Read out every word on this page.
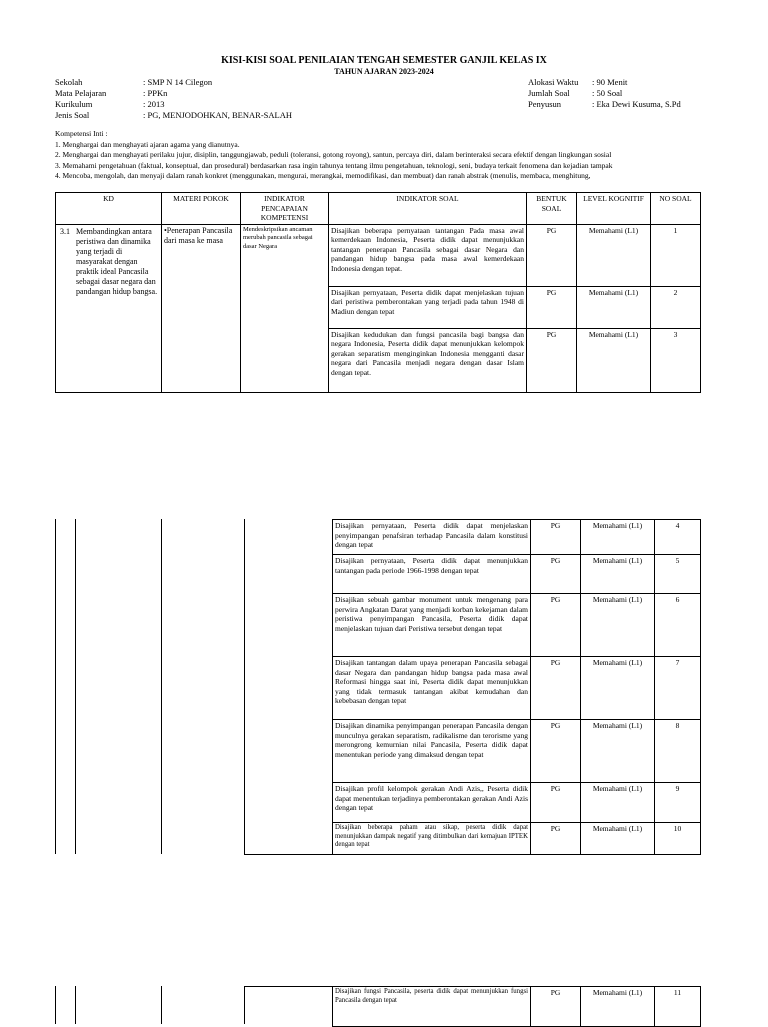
KISI-KISI SOAL PENILAIAN TENGAH SEMESTER GANJIL KELAS IX
TAHUN AJARAN 2023-2024
Sekolah	: SMP N 14 Cilegon
Mata Pelajaran	: PPKn
Kurikulum	: 2013
Jenis Soal	: PG, MENJODOHKAN, BENAR-SALAH
Alokasi Waktu : 90 Menit
Jumlah Soal	: 50 Soal
Penyusun	: Eka Dewi Kusuma, S.Pd
Kompetensi Inti :
1. Menghargai dan menghayati ajaran agama yang dianutnya.
2. Menghargai dan menghayati perilaku jujur, disiplin, tanggungjawab, peduli (toleransi, gotong royong), santun, percaya diri, dalam berinteraksi secara efektif dengan lingkungan sosial
3. Memahami pengetahuan (faktual, konseptual, dan prosedural) berdasarkan rasa ingin tahunya tentang ilmu pengetahuan, teknologi, seni, budaya terkait fenomena dan kejadian tampak
4. Mencoba, mengolah, dan menyaji dalam ranah konkret (menggunakan, mengurai, merangkai, memodifikasi, dan membuat) dan ranah abstrak (menulis, membaca, menghitung,
KD	MATERI POKOK	INDIKATOR PENCAPAIAN KOMPETENSI	INDIKATOR SOAL	BENTUK SOAL	LEVEL KOGNITIF	NO SOAL

3.1 Membandingkan antara peristiwa dan dinamika yang terjadi di masyarakat dengan praktik ideal Pancasila sebagai dasar negara dan pandangan hidup bangsa.	•Penerapan Pancasila dari masa ke masa	Mendeskripsikan ancaman merubah pancasila sebagai dasar Negara	Disajikan beberapa pernyataan tantangan Pada masa awal kemerdekaan Indonesia, Peserta didik dapat menunjukkan tantangan penerapan Pancasila sebagai dasar Negara dan pandangan hidup bangsa pada masa awal kemerdekaan Indonesia dengan tepat.	PG	Memahami (L1)	1
			Disajikan pernyataan, Peserta didik dapat menjelaskan tujuan dari peristiwa pemberontakan yang terjadi pada tahun 1948 di Madiun dengan tepat	PG	Memahami (L1)	2
			Disajikan kedudukan dan fungsi pancasila bagi bangsa dan negara Indonesia, Peserta didik dapat menunjukkan kelompok gerakan separatism menginginkan Indonesia mengganti dasar negara dari Pancasila menjadi negara dengan dasar Islam dengan tepat.	PG	Memahami (L1)	3
Disajikan pernyataan, Peserta didik dapat menjelaskan penyimpangan penafsiran terhadap Pancasila dalam konstitusi dengan tepat	PG	Memahami (L1)	4
Disajikan pernyataan, Peserta didik dapat menunjukkan tantangan pada periode 1966-1998 dengan tepat	PG	Memahami (L1)	5
Disajikan sebuah gambar monument untuk mengenang para perwira Angkatan Darat yang menjadi korban kekejaman dalam peristiwa penyimpangan Pancasila, Peserta didik dapat menjelaskan tujuan dari Peristiwa tersebut dengan tepat	PG	Memahami (L1)	6
Disajikan tantangan dalam upaya penerapan Pancasila sebagai dasar Negara dan pandangan hidup bangsa pada masa awal Reformasi hingga saat ini, Peserta didik dapat menunjukkan yang tidak termasuk tantangan akibat kemudahan dan kebebasan dengan tepat	PG	Memahami (L1)	7
Disajikan dinamika penyimpangan penerapan Pancasila dengan munculnya gerakan separatism, radikalisme dan terorisme yang merongrong kemurnian nilai Pancasila, Peserta didik dapat menentukan periode yang dimaksud dengan tepat	PG	Memahami (L1)	8
Disajikan profil kelompok gerakan Andi Azis,, Peserta didik dapat menentukan terjadinya pemberontakan gerakan Andi Azis dengan tepat	PG	Memahami (L1)	9
Disajikan beberapa paham atau sikap, peserta didik dapat menunjukkan dampak negatif yang ditimbulkan dari kemajuan IPTEK dengan tepat	PG	Memahami (L1)	10
Disajikan fungsi Pancasila, peserta didik dapat menunjukkan fungsi Pancasila dengan tepat	PG	Memahami (L1)	11
